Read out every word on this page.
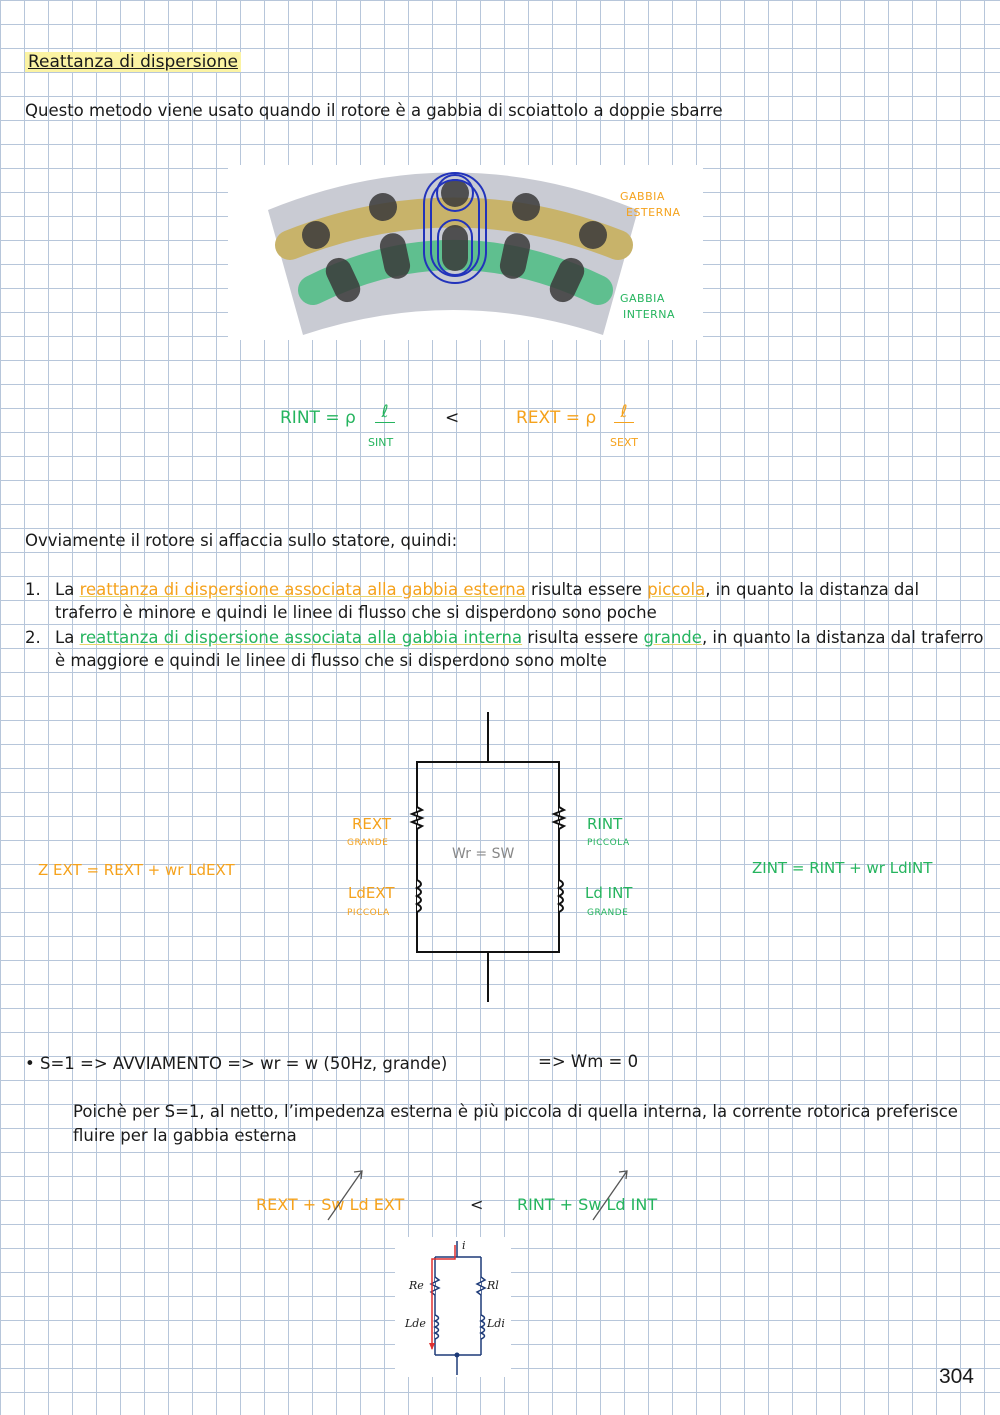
Reattanza di dispersione
Questo metodo viene usato quando il rotore è a gabbia di scoiattolo a doppie sbarre
GABBIA
ESTERNA
GABBIA
INTERNA
RINT = ρ	ℓ
SINT
<	REXT = ρ	ℓ
SEXT
Ovviamente il rotore si affaccia sullo statore, quindi:
1. La reattanza di dispersione associata alla gabbia esterna risulta essere piccola, in quanto la distanza dal traferro è minore e quindi le linee di flusso che si disperdono sono poche
2. La reattanza di dispersione associata alla gabbia interna risulta essere grande, in quanto la distanza dal traferro è maggiore e quindi le linee di flusso che si disperdono sono molte
Wr = SW
REXT
GRANDE
LdEXT
PICCOLA
RINT
PICCOLA
Ld INT
GRANDE
Z EXT = REXT + wr LdEXT	ZINT = RINT + wr LdINT
• S=1 => AVVIAMENTO => wr = w (50Hz, grande)	=> Wm = 0
Poichè per S=1, al netto, l’impedenza esterna è più piccola di quella interna, la corrente rotorica preferisce fluire per la gabbia esterna
REXT + Sw Ld EXT	< RINT + Sw Ld INT
i
Re	Rl
Lde	Ldi
304
